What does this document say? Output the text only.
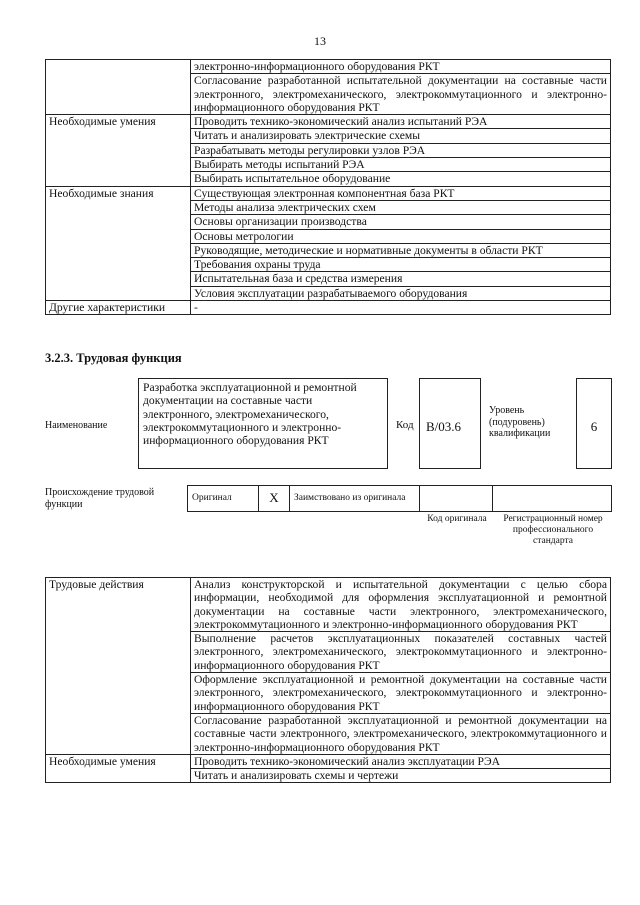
13
	электронно-информационного оборудования РКТ
	Согласование разработанной испытательной документации на составные части электронного, электромеханического, электрокоммутационного и электронно-информационного оборудования РКТ
Необходимые умения	Проводить технико-экономический анализ испытаний РЭА
	Читать и анализировать электрические схемы
	Разрабатывать методы регулировки узлов РЭА
	Выбирать методы испытаний РЭА
	Выбирать испытательное оборудование
Необходимые знания	Существующая электронная компонентная база РКТ
	Методы анализа электрических схем
	Основы организации производства
	Основы метрологии
	Руководящие, методические и нормативные документы в области РКТ
	Требования охраны труда
	Испытательная база и средства измерения
	Условия эксплуатации разрабатываемого оборудования
Другие характеристики	-
3.2.3. Трудовая функция
Наименование
Разработка эксплуатационной и ремонтной документации на составные части электронного, электромеханического, электрокоммутационного и электронно-информационного оборудования РКТ
Код B/03.6
Уровень (подуровень) квалификации	6
Происхождение трудовой функции
Оригинал	X	Заимствовано из оригинала		
Код оригинала	Регистрационный номер профессионального стандарта
Трудовые действия	Анализ конструкторской и испытательной документации с целью сбора информации, необходимой для оформления эксплуатационной и ремонтной документации на составные части электронного, электромеханического, электрокоммутационного и электронно-информационного оборудования РКТ
	Выполнение расчетов эксплуатационных показателей составных частей электронного, электромеханического, электрокоммутационного и электронно-информационного оборудования РКТ
	Оформление эксплуатационной и ремонтной документации на составные части электронного, электромеханического, электрокоммутационного и электронно-информационного оборудования РКТ
	Согласование разработанной эксплуатационной и ремонтной документации на составные части электронного, электромеханического, электрокоммутационного и электронно-информационного оборудования РКТ
Необходимые умения	Проводить технико-экономический анализ эксплуатации РЭА
	Читать и анализировать схемы и чертежи
